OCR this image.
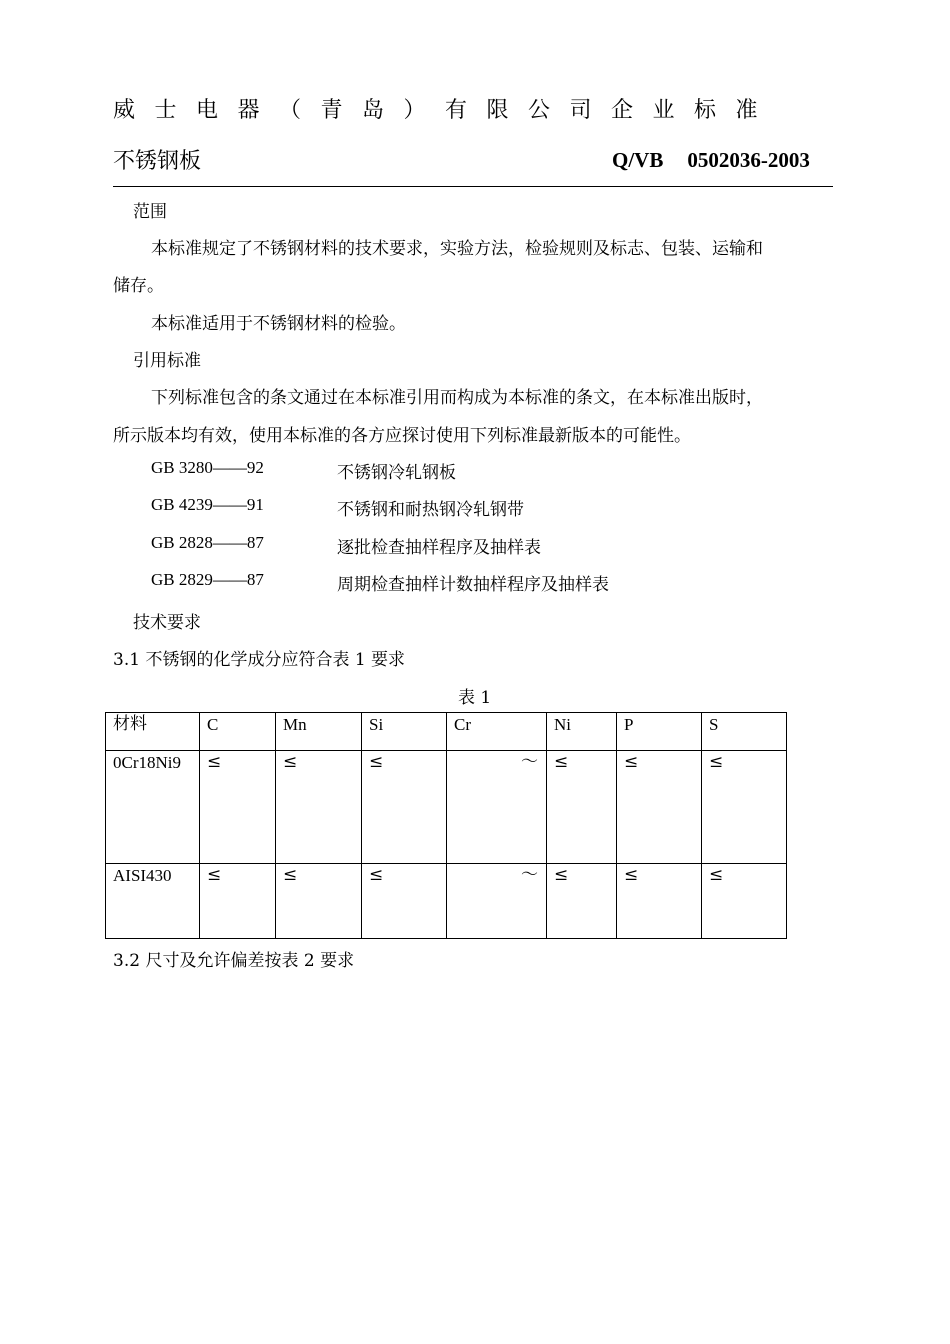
威士电器（青岛）有限公司企业标准
不锈钢板	Q/VB 0502036-2003
范围
本标准规定了不锈钢材料的技术要求，实验方法，检验规则及标志、包装、运输和
储存。
本标准适用于不锈钢材料的检验。
引用标准
下列标准包含的条文通过在本标准引用而构成为本标准的条文，在本标准出版时，
所示版本均有效，使用本标准的各方应探讨使用下列标准最新版本的可能性。
GB 3280——92	不锈钢冷轧钢板
GB 4239——91	不锈钢和耐热钢冷轧钢带
GB 2828——87	逐批检查抽样程序及抽样表
GB 2829——87	周期检查抽样计数抽样程序及抽样表
技术要求
3.1 不锈钢的化学成分应符合表 1 要求
表 1
材料	C	Mn	Si	Cr	Ni	P	S
0Cr18Ni9	≤	≤	≤	～	≤	≤	≤
AISI430	≤	≤	≤	～	≤	≤	≤
3.2 尺寸及允许偏差按表 2 要求
